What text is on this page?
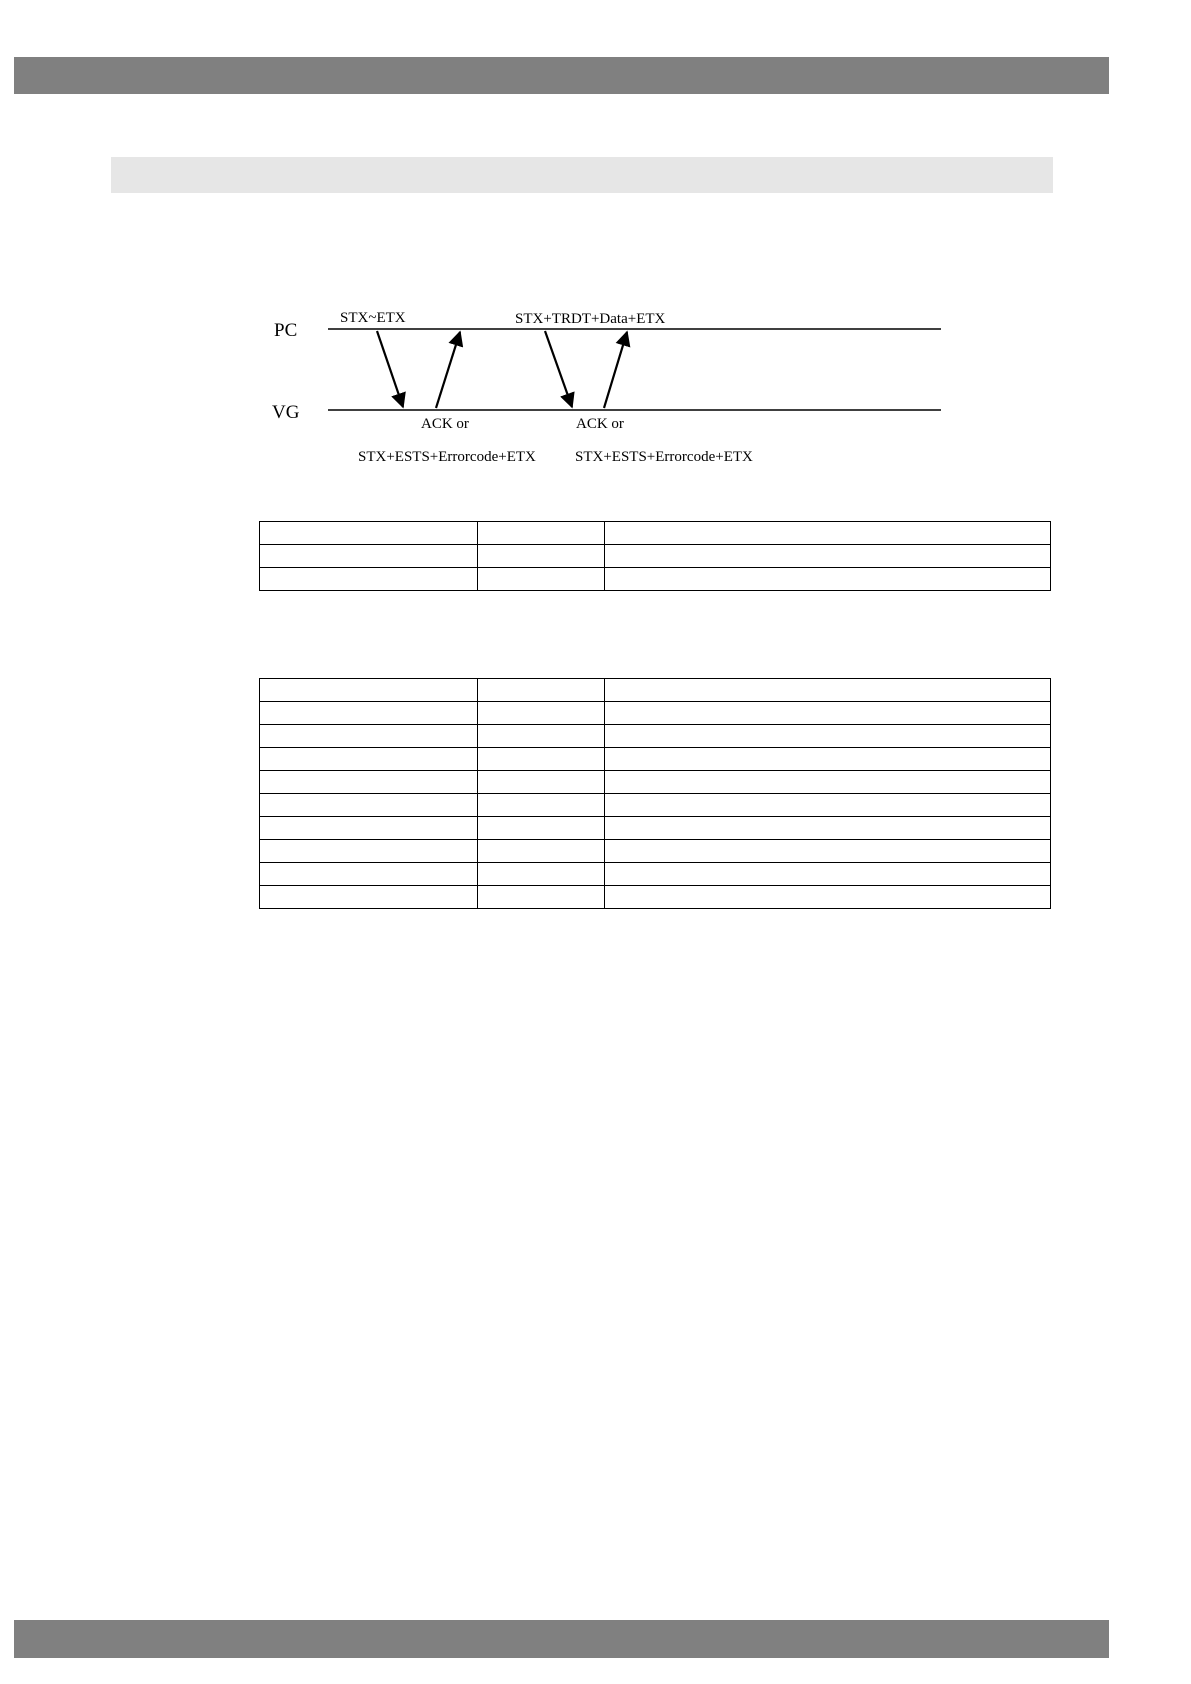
PC
VG
STX~ETX	STX+TRDT+Data+ETX
ACK or	ACK or
STX+ESTS+Errorcode+ETX	STX+ESTS+Errorcode+ETX
